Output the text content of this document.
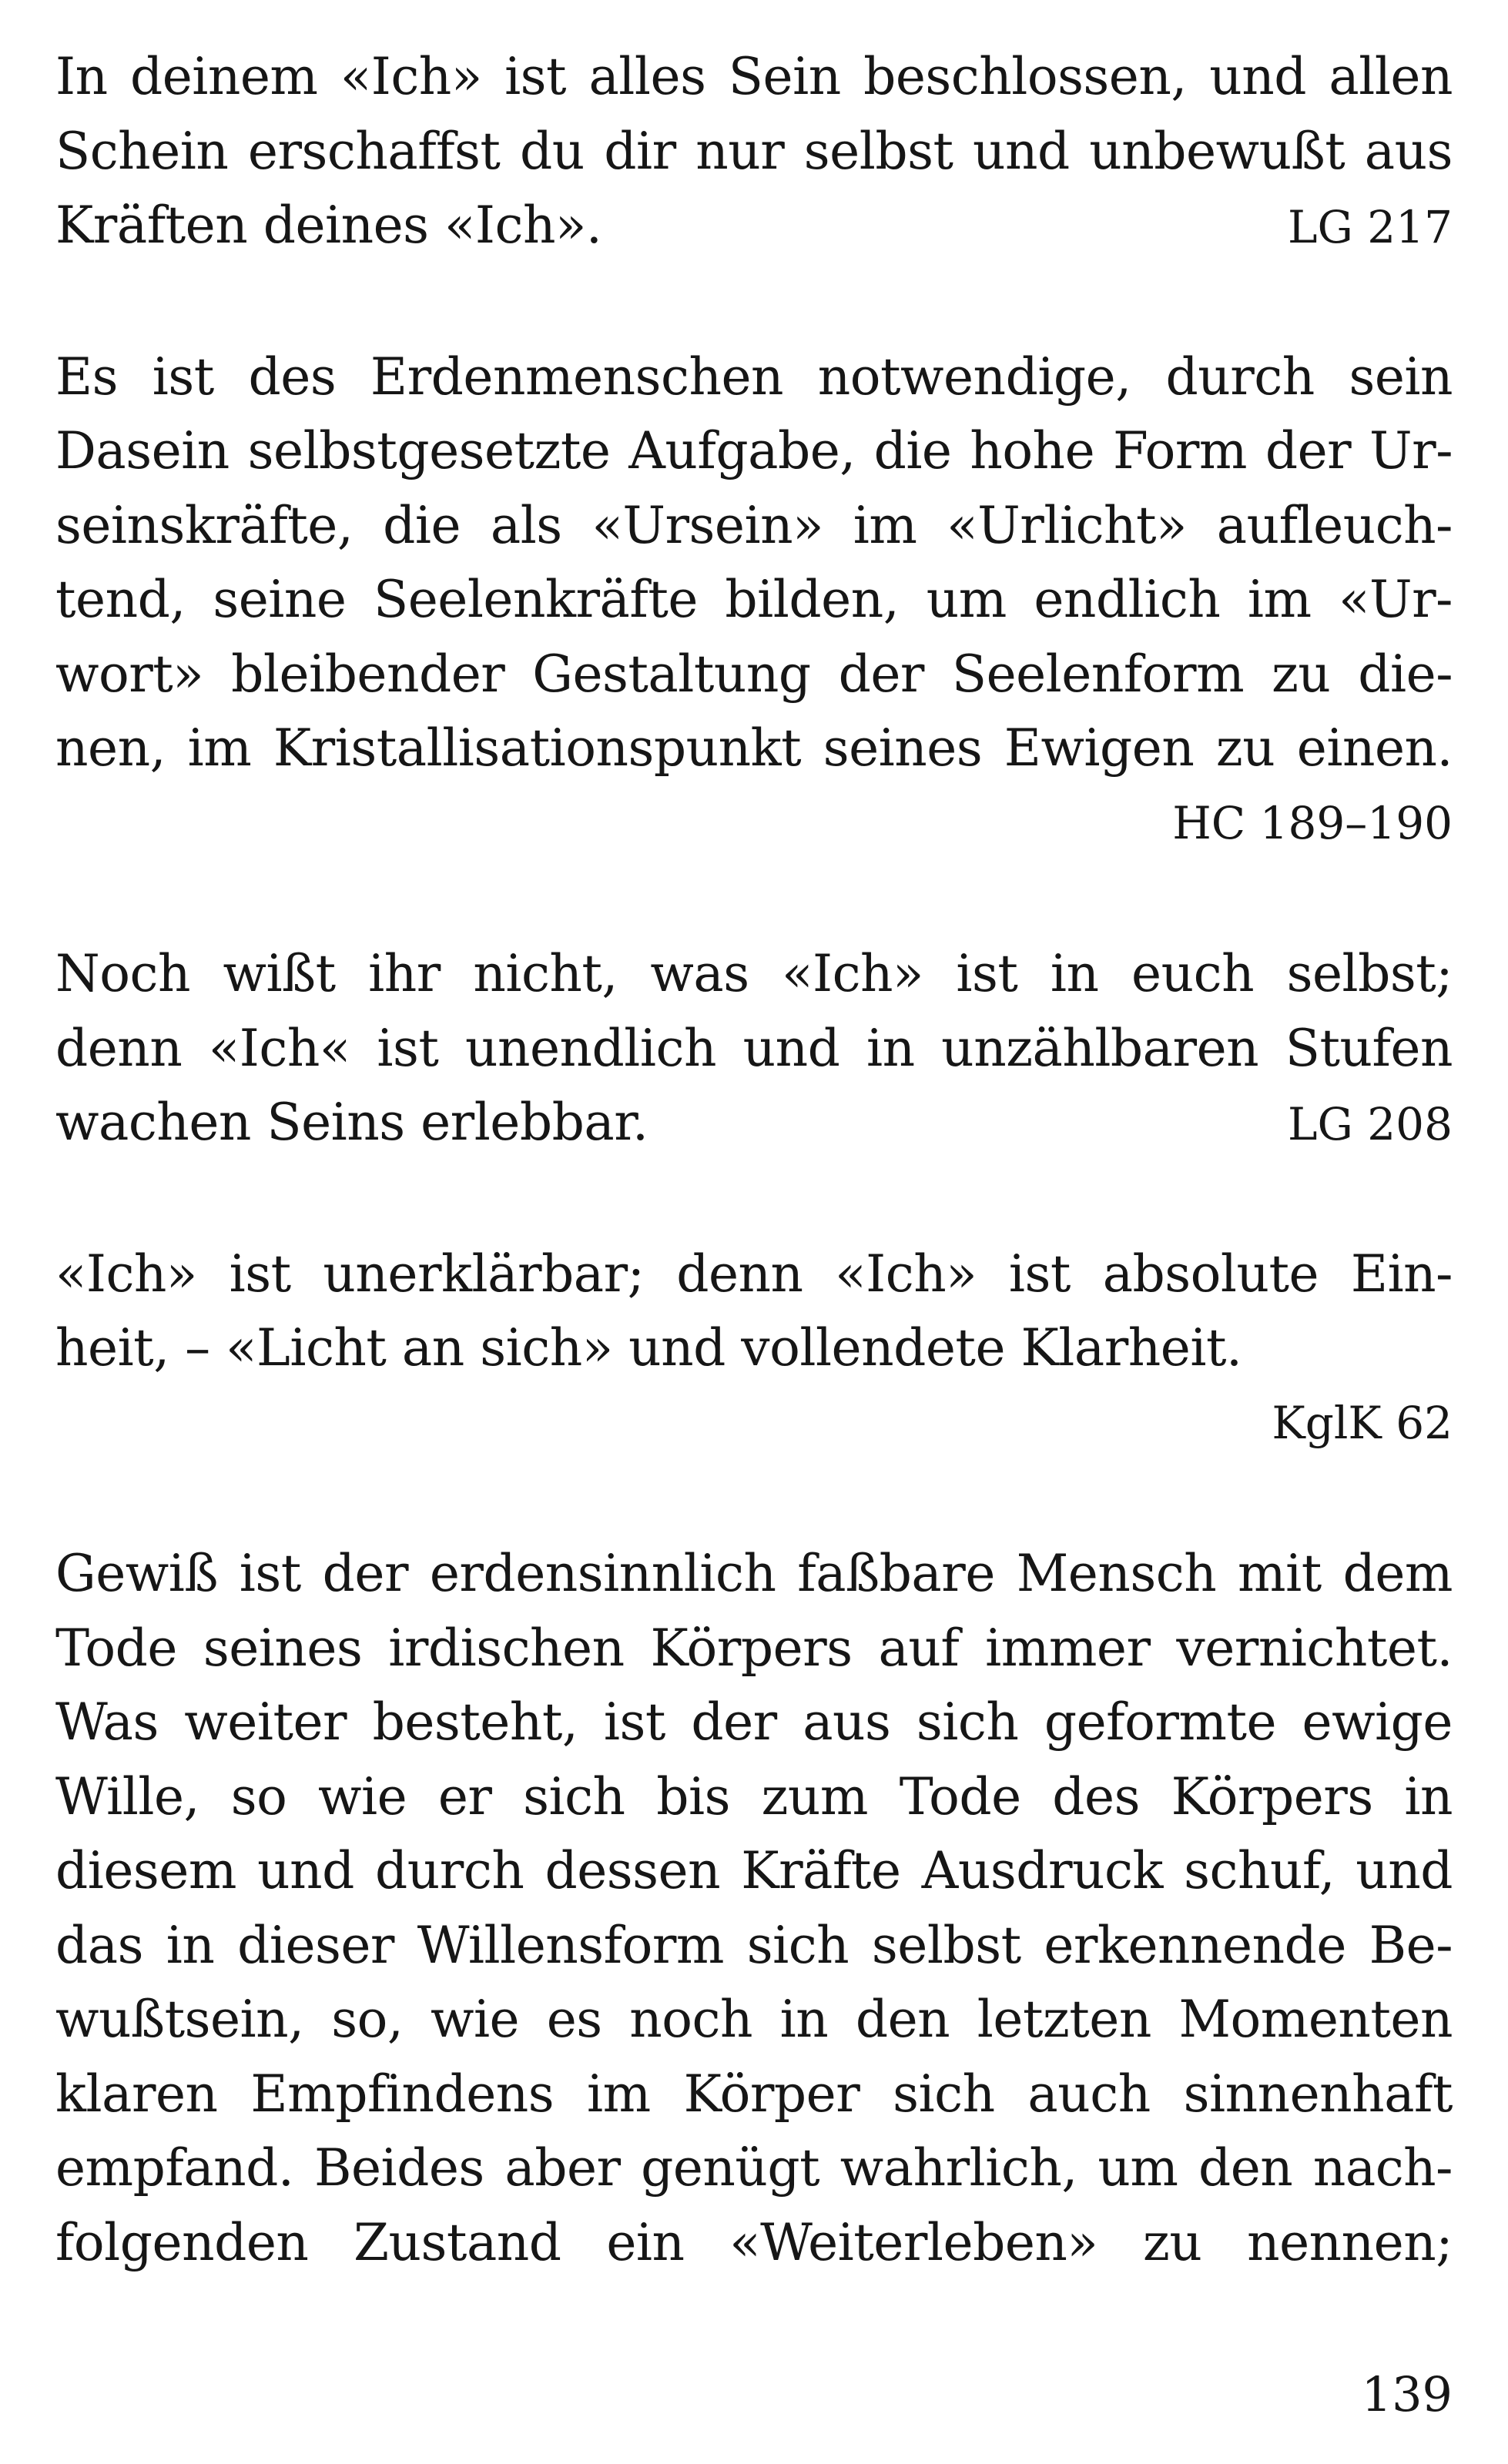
In deinem «Ich» ist alles Sein beschlossen, und allen
Schein erschaffst du dir nur selbst und unbewußt aus
Kräften deines «Ich».	LG 217
Es ist des Erdenmenschen notwendige, durch sein
Dasein selbstgesetzte Aufgabe, die hohe Form der Ur-
seinskräfte, die als «Ursein» im «Urlicht» aufleuch-
tend, seine Seelenkräfte bilden, um endlich im «Ur-
wort» bleibender Gestaltung der Seelenform zu die-
nen, im Kristallisationspunkt seines Ewigen zu einen.
HC 189–190
Noch wißt ihr nicht, was «Ich» ist in euch selbst;
denn «Ich« ist unendlich und in unzählbaren Stufen
wachen Seins erlebbar.	LG 208
«Ich» ist unerklärbar; denn «Ich» ist absolute Ein-
heit, – «Licht an sich» und vollendete Klarheit.
KglK 62
Gewiß ist der erdensinnlich faßbare Mensch mit dem
Tode seines irdischen Körpers auf immer vernichtet.
Was weiter besteht, ist der aus sich geformte ewige
Wille, so wie er sich bis zum Tode des Körpers in
diesem und durch dessen Kräfte Ausdruck schuf, und
das in dieser Willensform sich selbst erkennende Be-
wußtsein, so, wie es noch in den letzten Momenten
klaren Empfindens im Körper sich auch sinnenhaft
empfand. Beides aber genügt wahrlich, um den nach-
folgenden Zustand ein «Weiterleben» zu nennen;
139
